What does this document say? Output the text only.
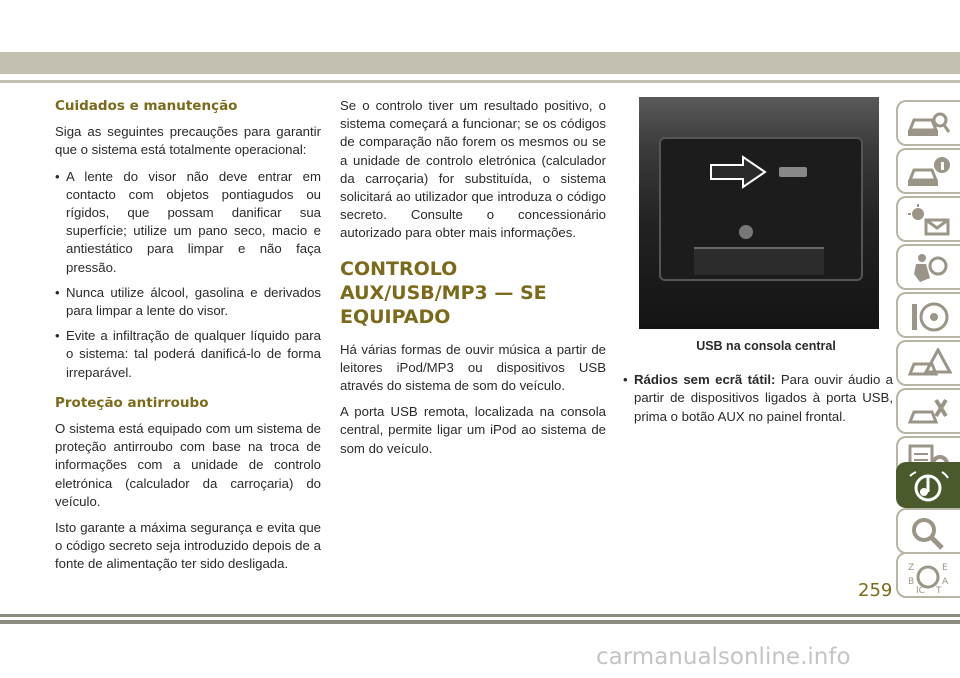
Cuidados e manutenção

Siga as seguintes precauções para garantir que o sistema está totalmente operacional:

• A lente do visor não deve entrar em contacto com objetos pontiagudos ou rígidos, que possam danificar sua superfície; utilize um pano seco, macio e antiestático para limpar e não faça pressão.
• Nunca utilize álcool, gasolina e derivados para limpar a lente do visor.
• Evite a infiltração de qualquer líquido para o sistema: tal poderá danificá-lo de forma irreparável.
Proteção antirroubo

O sistema está equipado com um sistema de proteção antirroubo com base na troca de informações com a unidade de controlo eletrónica (calculador da carroçaria) do veículo.

Isto garante a máxima segurança e evita que o código secreto seja introduzido depois de a fonte de alimentação ter sido desligada.

Se o controlo tiver um resultado positivo, o sistema começará a funcionar; se os códigos de comparação não forem os mesmos ou se a unidade de controlo eletrónica (calculador da carroçaria) for substituída, o sistema solicitará ao utilizador que introduza o código secreto. Consulte o concessionário autorizado para obter mais informações.

CONTROLO AUX/USB/MP3 — SE EQUIPADO

Há várias formas de ouvir música a partir de leitores iPod/MP3 ou dispositivos USB através do sistema de som do veículo.

A porta USB remota, localizada na consola central, permite ligar um iPod ao sistema de som do veículo.

USB na consola central
• Rádios sem ecrã tátil: Para ouvir áudio a partir de dispositivos ligados à porta USB, prima o botão AUX no painel frontal.
Z	E
B	A
IC T
259
carmanualsonline.info
